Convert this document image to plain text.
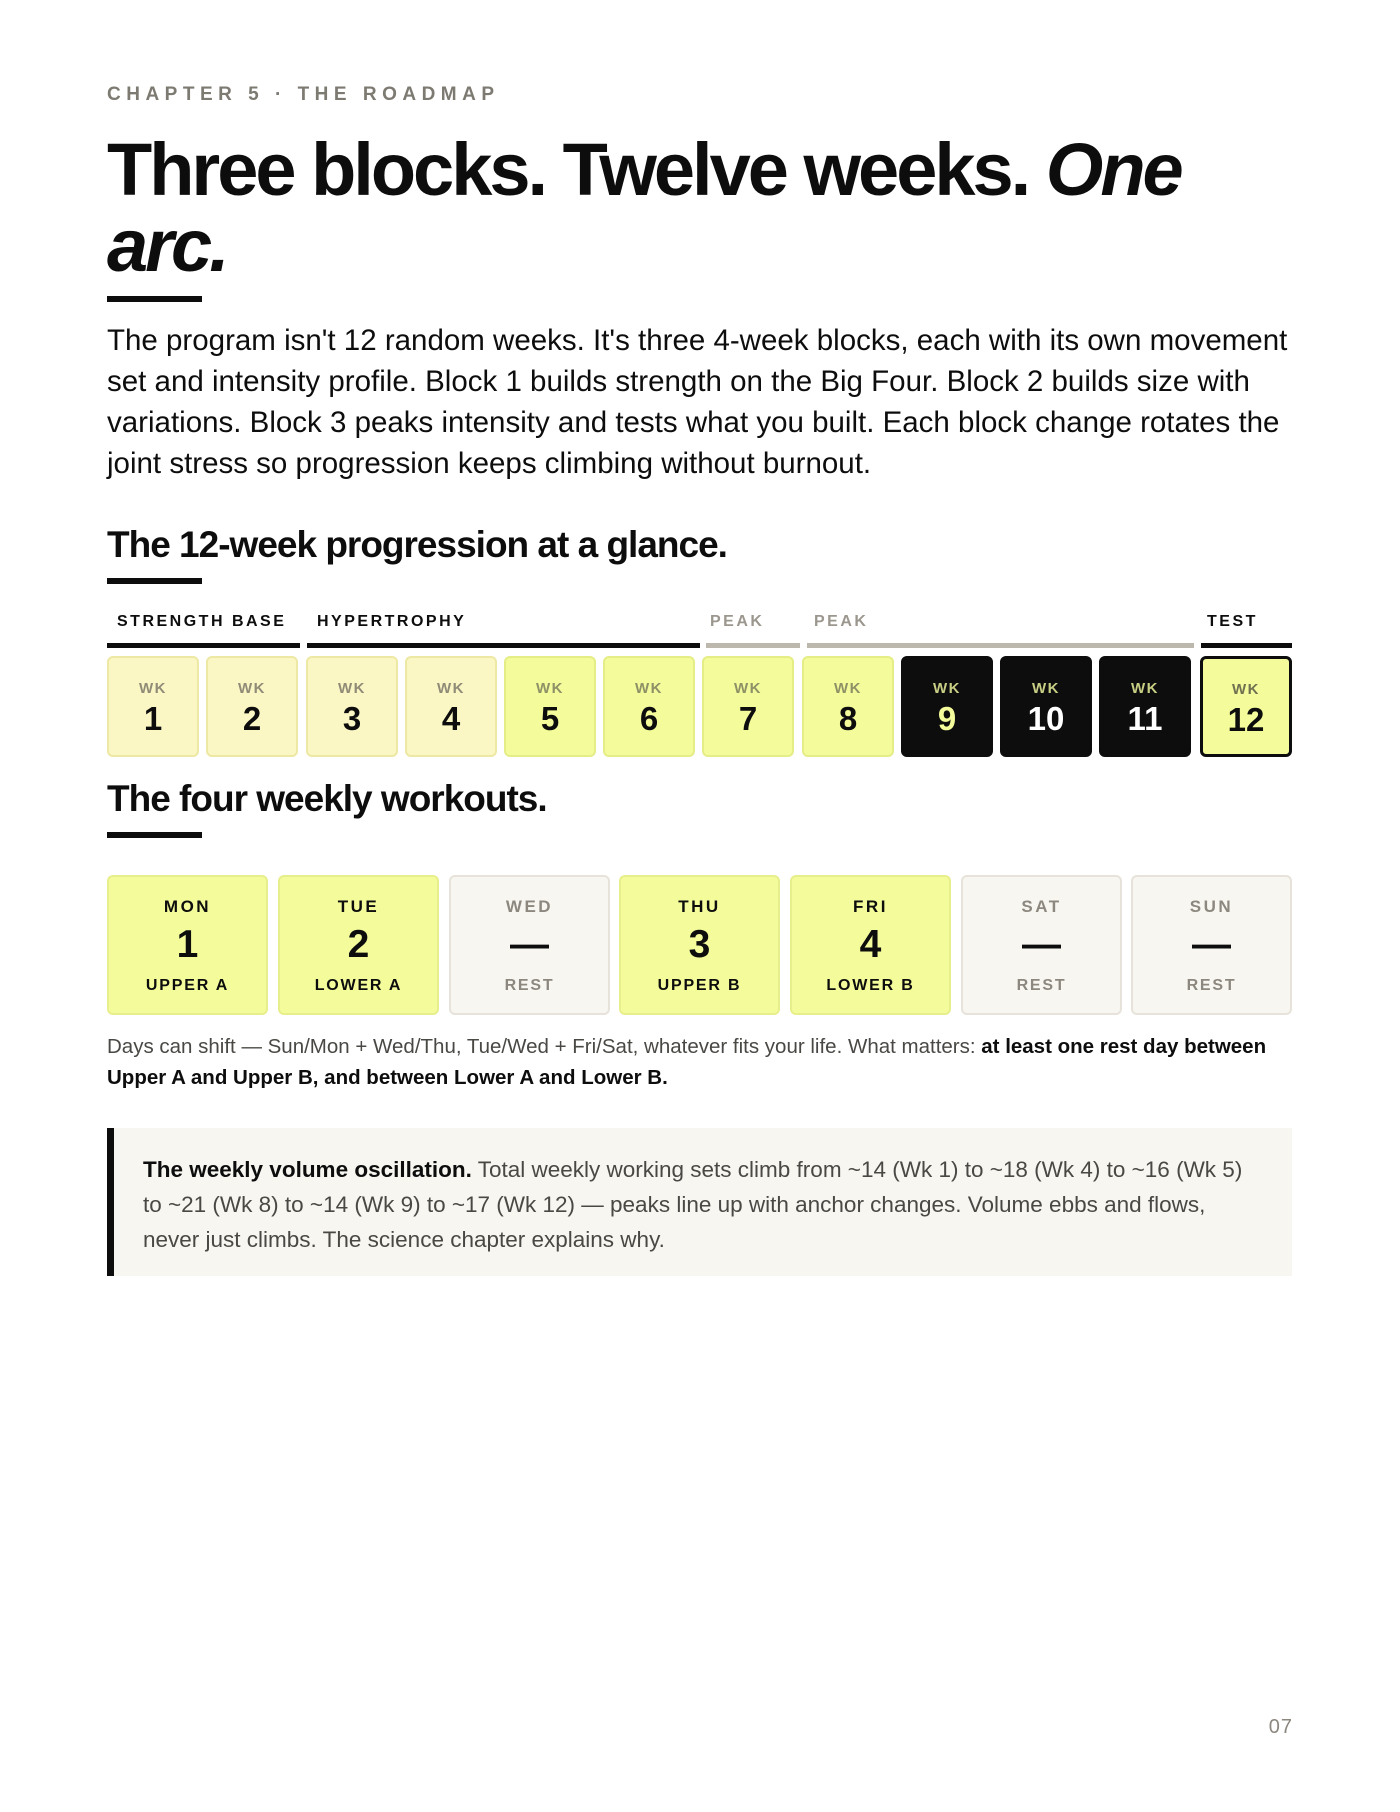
CHAPTER 5 · THE ROADMAP
Three blocks. Twelve weeks. One arc.

The program isn't 12 random weeks. It's three 4-week blocks, each with its own movement set and intensity profile. Block 1 builds strength on the Big Four. Block 2 builds size with variations. Block 3 peaks intensity and tests what you built. Each block change rotates the joint stress so progression keeps climbing without burnout.

The 12-week progression at a glance.
STRENGTH BASE HYPERTROPHY	PEAK	PEAK	TEST
WK
1
WK
2
WK
3
WK
4
WK
5
WK
6
WK
7
WK
8
WK
9
WK
10
WK
11
WK
12
The four weekly workouts.
MON
1
UPPER A
TUE
2
LOWER A
WED
—
REST
THU
3
UPPER B
FRI
4
LOWER B
SAT
—
REST
SUN
—
REST

Days can shift — Sun/Mon + Wed/Thu, Tue/Wed + Fri/Sat, whatever fits your life. What matters: at least one rest day between Upper A and Upper B, and between Lower A and Lower B.

The weekly volume oscillation. Total weekly working sets climb from ~14 (Wk 1) to ~18 (Wk 4) to ~16 (Wk 5) to ~21 (Wk 8) to ~14 (Wk 9) to ~17 (Wk 12) — peaks line up with anchor changes. Volume ebbs and flows, never just climbs. The science chapter explains why.
07
